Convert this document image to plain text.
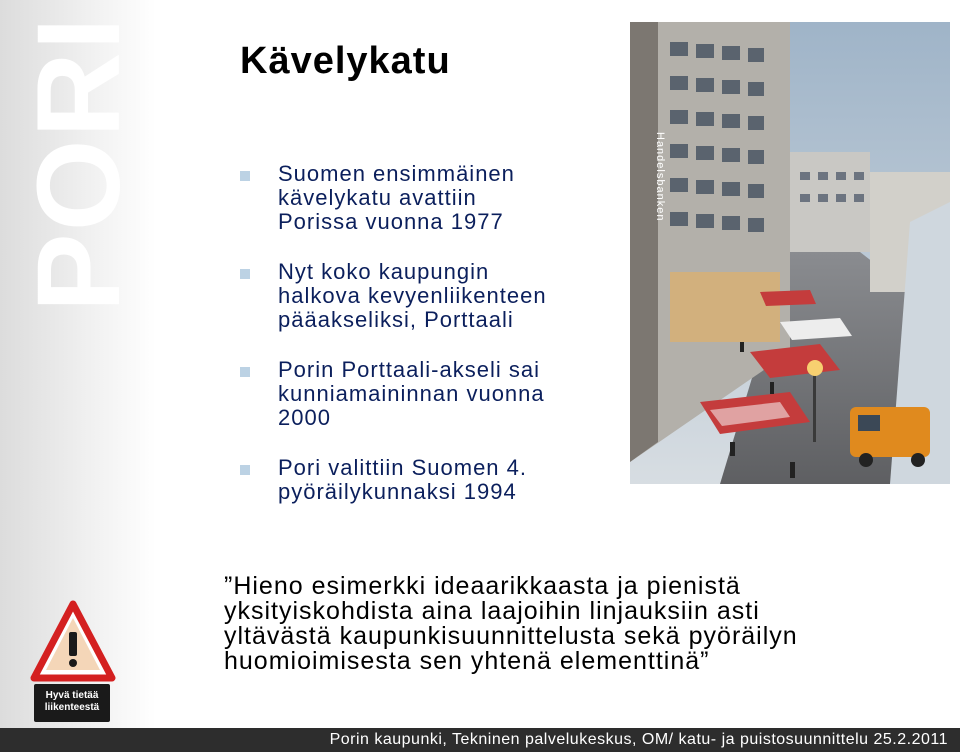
PORI	Kävelykatu
Suomen ensimmäinen
kävelykatu avattiin
Porissa vuonna 1977
Nyt koko kaupungin
halkova kevyenliikenteen
pääakseliksi, Porttaali
Porin Porttaali-akseli sai
kunniamaininnan vuonna
2000
Pori valittiin Suomen 4.
pyöräilykunnaksi 1994
Handelsbanken
”Hieno esimerkki ideaarikkaasta ja pienistä
yksityiskohdista aina laajoihin linjauksiin asti
yltävästä kaupunkisuunnittelusta sekä pyöräilyn
huomioimisesta sen yhtenä elementtinä”
Hyvä tietää
liikenteestä
Porin kaupunki, Tekninen palvelukeskus, OM/ katu- ja puistosuunnittelu 25.2.2011
